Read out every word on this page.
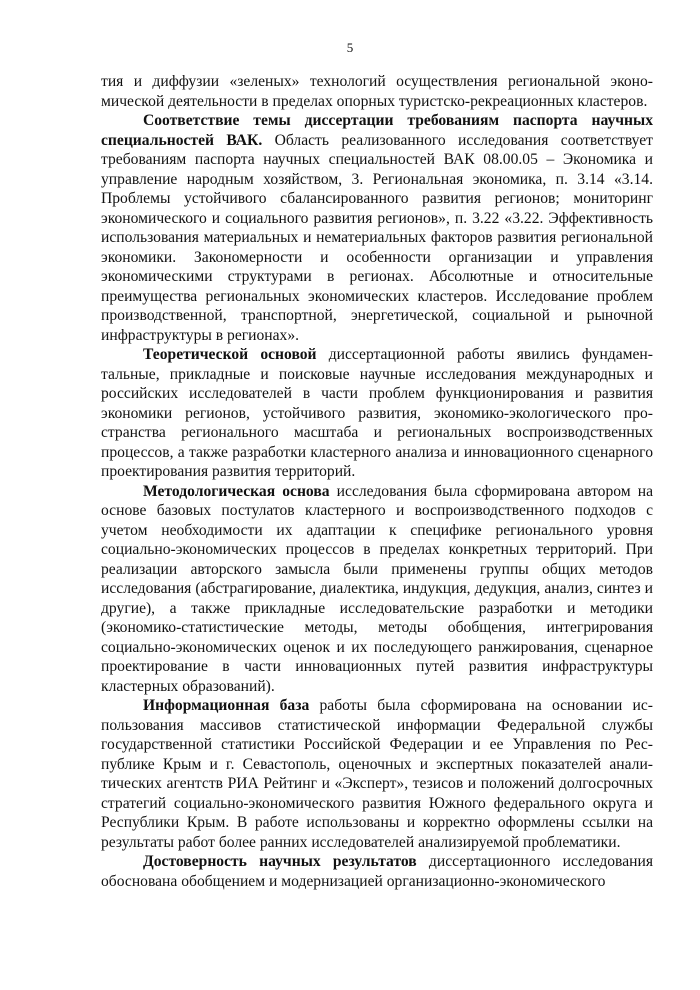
5

тия и диффузии «зеленых» технологий осуществления региональной экономической деятельности в пределах опорных туристско-рекреационных кластеров.

Соответствие темы диссертации требованиям паспорта научных специальностей ВАК. Область реализованного исследования соответствует требованиям паспорта научных специальностей ВАК 08.00.05 – Экономика и управление народным хозяйством, 3. Региональная экономика, п. 3.14 «3.14. Проблемы устойчивого сбалансированного развития регионов; мониторинг экономического и социального развития регионов», п. 3.22 «3.22. Эффективность использования материальных и нематериальных факторов развития региональной экономики. Закономерности и особенности организации и управления экономическими структурами в регионах. Абсолютные и относительные преимущества региональных экономических кластеров. Исследование проблем производственной, транспортной, энергетической, социальной и рыночной инфраструктуры в регионах».

Теоретической основой диссертационной работы явились фундаментальные, прикладные и поисковые научные исследования международных и российских исследователей в части проблем функционирования и развития экономики регионов, устойчивого развития, экономико-экологического пространства регионального масштаба и региональных воспроизводственных процессов, а также разработки кластерного анализа и инновационного сценарного проектирования развития территорий.

Методологическая основа исследования была сформирована автором на основе базовых постулатов кластерного и воспроизводственного подходов с учетом необходимости их адаптации к специфике регионального уровня социально-экономических процессов в пределах конкретных территорий. При реализации авторского замысла были применены группы общих методов исследования (абстрагирование, диалектика, индукция, дедукция, анализ, синтез и другие), а также прикладные исследовательские разработки и методики (экономико-статистические методы, методы обобщения, интегрирования социально-экономических оценок и их последующего ранжирования, сценарное проектирование в части инновационных путей развития инфраструктуры кластерных образований).

Информационная база работы была сформирована на основании использования массивов статистической информации Федеральной службы государственной статистики Российской Федерации и ее Управления по Республике Крым и г. Севастополь, оценочных и экспертных показателей аналитических агентств РИА Рейтинг и «Эксперт», тезисов и положений долгосрочных стратегий социально-экономического развития Южного федерального округа и Республики Крым. В работе использованы и корректно оформлены ссылки на результаты работ более ранних исследователей анализируемой проблематики.

Достоверность научных результатов диссертационного исследования обоснована обобщением и модернизацией организационно-экономического
